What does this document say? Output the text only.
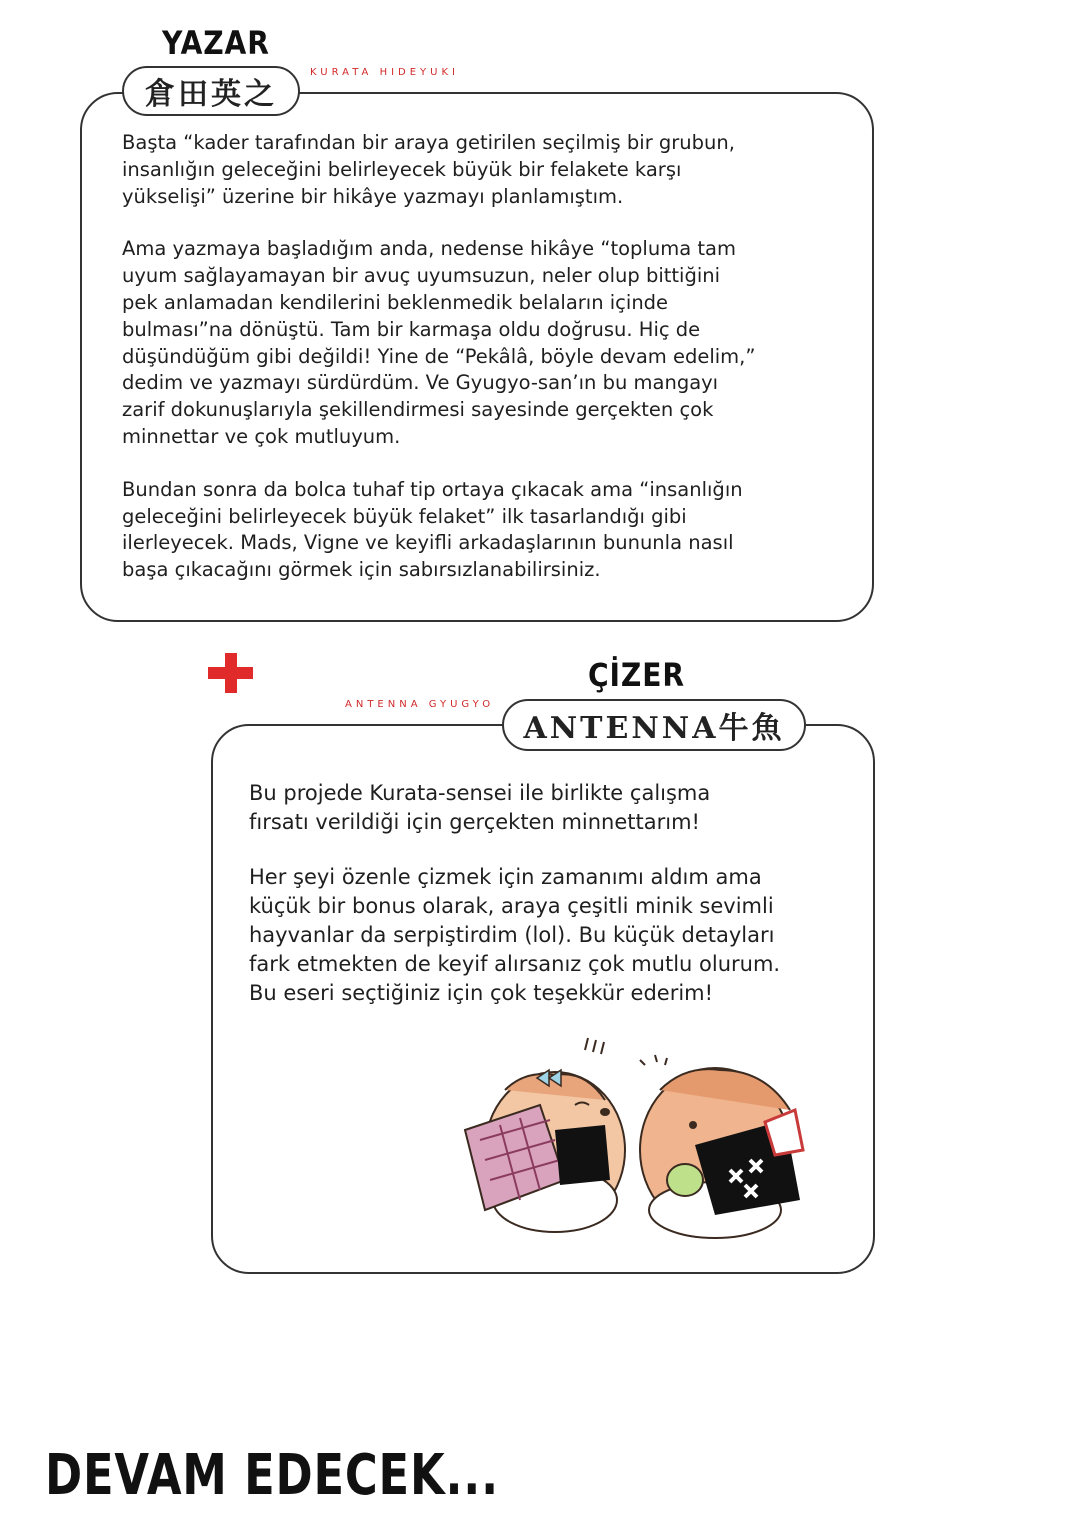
YAZAR
倉田英之
KURATA HIDEYUKI

Başta “kader tarafından bir araya getirilen seçilmiş bir grubun,
insanlığın geleceğini belirleyecek büyük bir felakete karşı
yükselişi” üzerine bir hikâye yazmayı planlamıştım.

Ama yazmaya başladığım anda, nedense hikâye “topluma tam
uyum sağlayamayan bir avuç uyumsuzun, neler olup bittiğini
pek anlamadan kendilerini beklenmedik belaların içinde
bulması”na dönüştü. Tam bir karmaşa oldu doğrusu. Hiç de
düşündüğüm gibi değildi! Yine de “Pekâlâ, böyle devam edelim,”
dedim ve yazmayı sürdürdüm. Ve Gyugyo-san’ın bu mangayı
zarif dokunuşlarıyla şekillendirmesi sayesinde gerçekten çok
minnettar ve çok mutluyum.

Bundan sonra da bolca tuhaf tip ortaya çıkacak ama “insanlığın
geleceğini belirleyecek büyük felaket” ilk tasarlandığı gibi
ilerleyecek. Mads, Vigne ve keyifli arkadaşlarının bununla nasıl
başa çıkacağını görmek için sabırsızlanabilirsiniz.

ÇİZER
ANTENNA GYUGYO
ANTENNA牛魚

Bu projede Kurata-sensei ile birlikte çalışma
fırsatı verildiği için gerçekten minnettarım!

Her şeyi özenle çizmek için zamanımı aldım ama
küçük bir bonus olarak, araya çeşitli minik sevimli
hayvanlar da serpiştirdim (lol). Bu küçük detayları
fark etmekten de keyif alırsanız çok mutlu olurum.
Bu eseri seçtiğiniz için çok teşekkür ederim!

DEVAM EDECEK...
